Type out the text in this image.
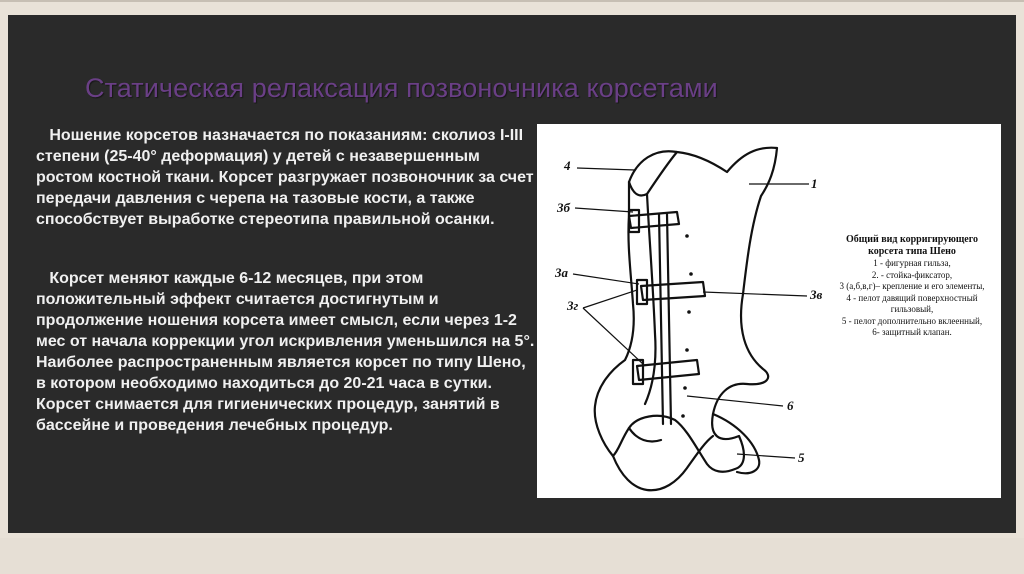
Статическая релаксация позвоночника корсетами
Ношение корсетов назначается по показаниям: сколиоз I-III степени (25-40° деформация) у детей с незавершенным ростом костной ткани. Корсет разгружает позвоночник за счет передачи давления с черепа на тазовые кости, а также способствует выработке стереотипа правильной осанки.
Корсет меняют каждые 6-12 месяцев, при этом положительный эффект считается достигнутым и продолжение ношения корсета имеет смысл, если через 1-2 мес от начала коррекции угол искривления уменьшился на 5°. Наиболее распространенным является корсет по типу Шено, в котором необходимо находиться до 20-21 часа в сутки. Корсет снимается для гигиенических процедур, занятий в бассейне и проведения лечебных процедур.
4
1
3б
3а
3в
3г
6
5
Общий вид корригирующего
корсета типа Шено
1 - фигурная гильза,
2. - стойка-фиксатор,
3 (а,б,в,г)– крепление и его элементы,
4 - пелот давящий поверхностный
гильзовый,
5 - пелот дополнительно вклеенный,
6- защитный клапан.
